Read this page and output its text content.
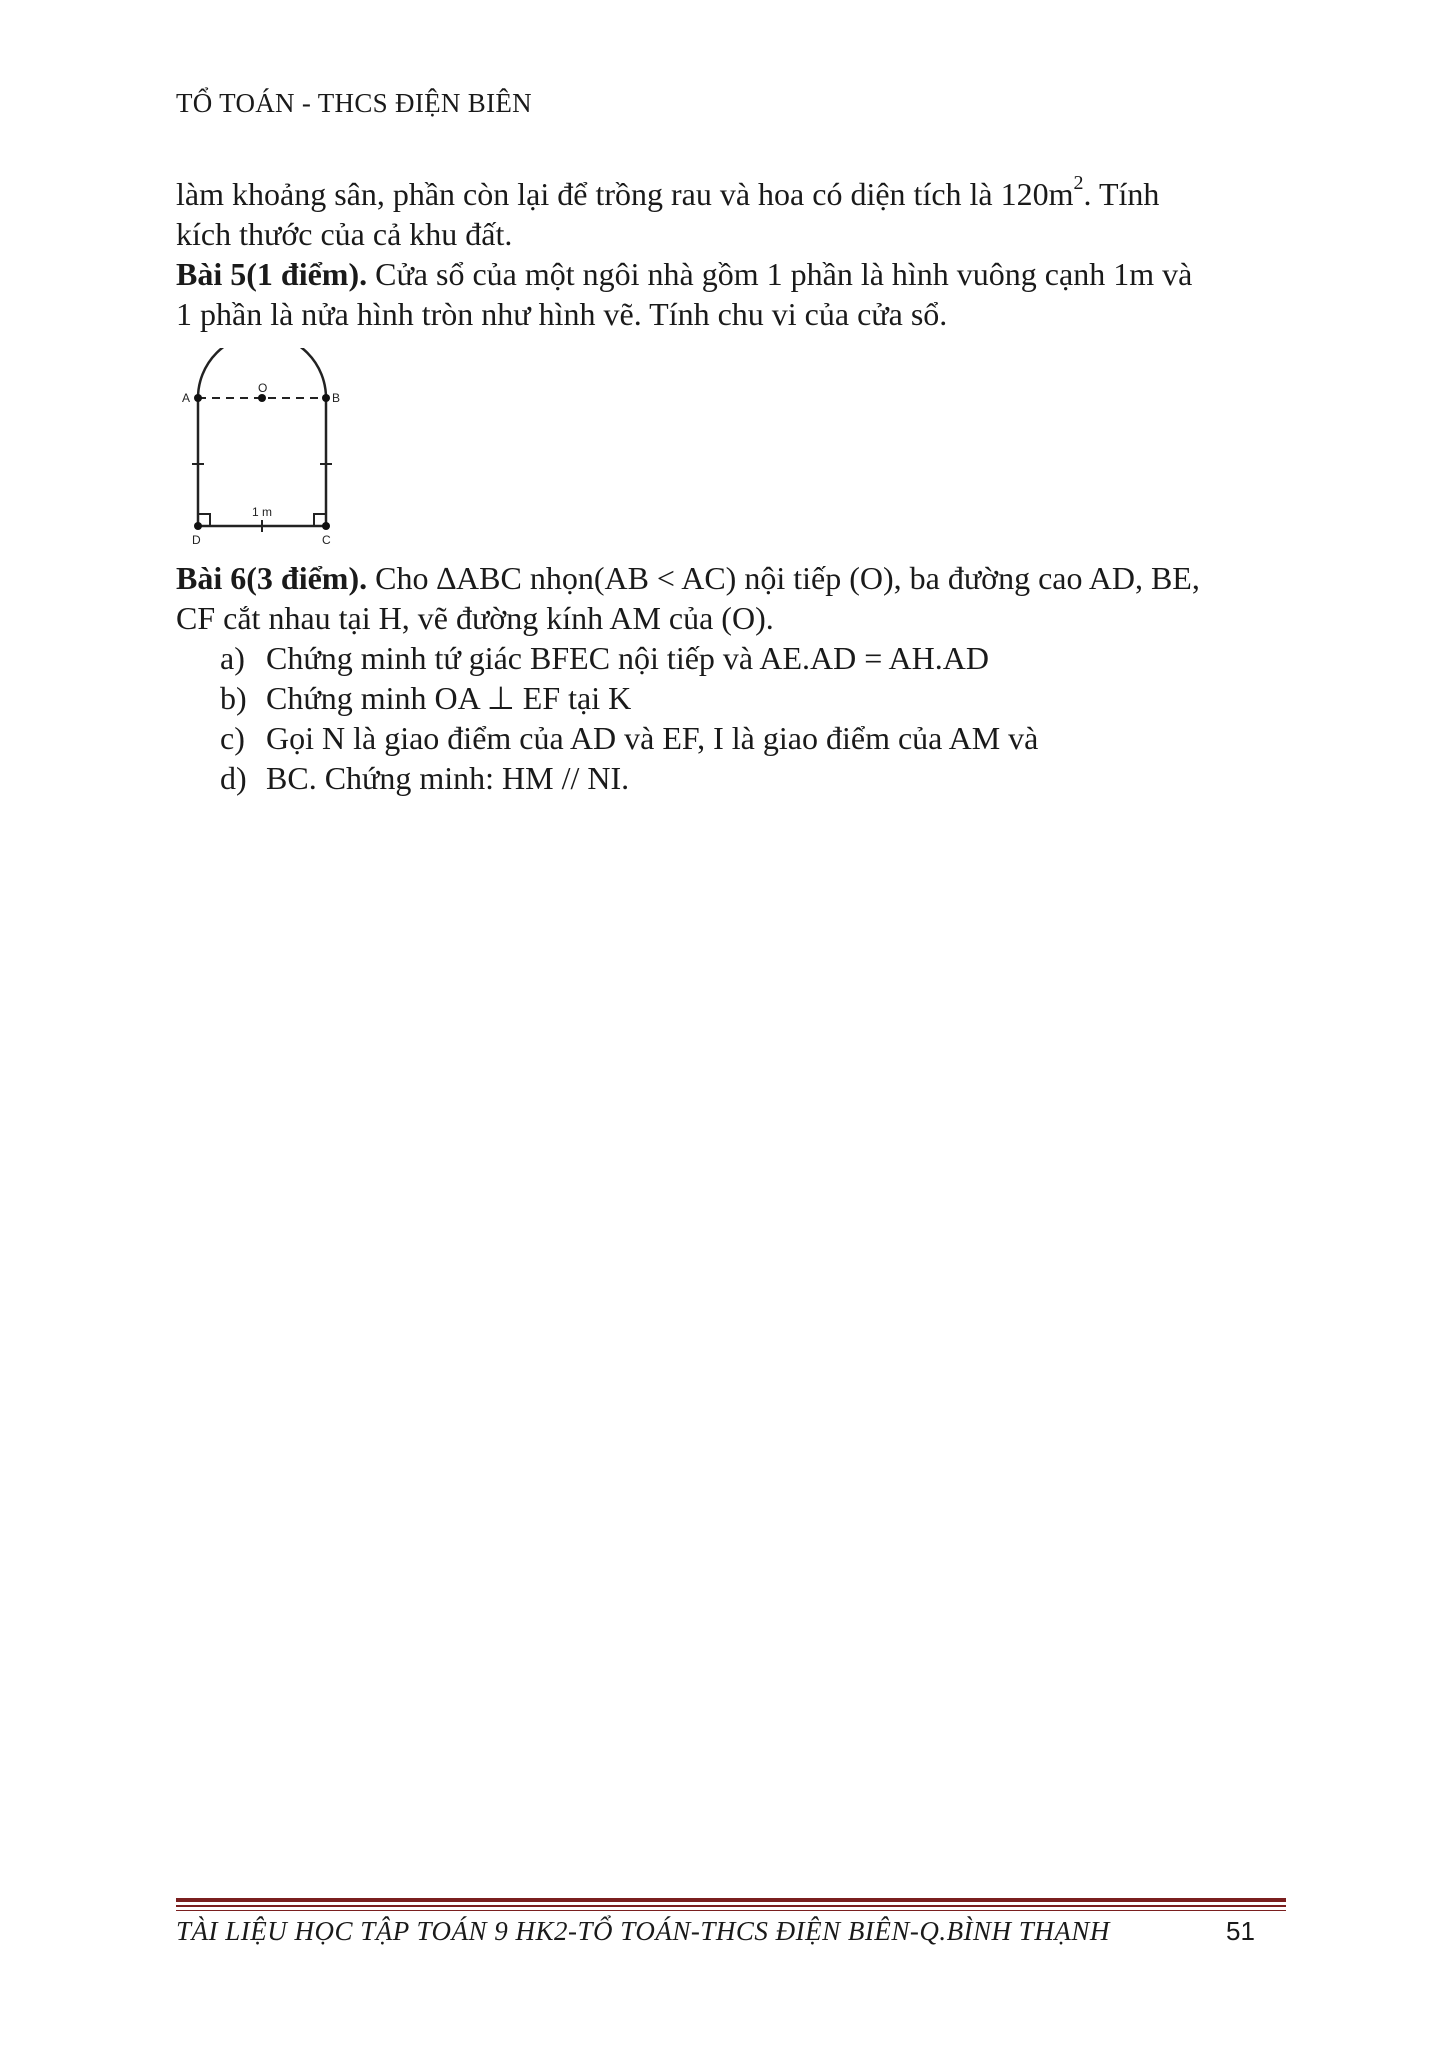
TỔ TOÁN - THCS ĐIỆN BIÊN

làm khoảng sân, phần còn lại để trồng rau và hoa có diện tích là $120m^2$. Tính

kích thước của cả khu đất.

Bài 5(1 điểm). Cửa sổ của một ngôi nhà gồm 1 phần là hình vuông cạnh 1m và

1 phần là nửa hình tròn như hình vẽ. Tính chu vi của cửa sổ.

A
O
B
D	C
1 m

Bài 6(3 điểm). Cho ∆ABC nhọn(AB < AC) nội tiếp (O), ba đường cao AD, BE,

CF cắt nhau tại H, vẽ đường kính AM của (O).

a) Chứng minh tứ giác BFEC nội tiếp và AE.AD = AH.AD
b) Chứng minh OA ⊥ EF tại K
c) Gọi N là giao điểm của AD và EF, I là giao điểm của AM và
d) BC. Chứng minh: HM // NI.
TÀI LIỆU HỌC TẬP TOÁN 9 HK2-TỔ TOÁN-THCS ĐIỆN BIÊN-Q.BÌNH THẠNH	51
